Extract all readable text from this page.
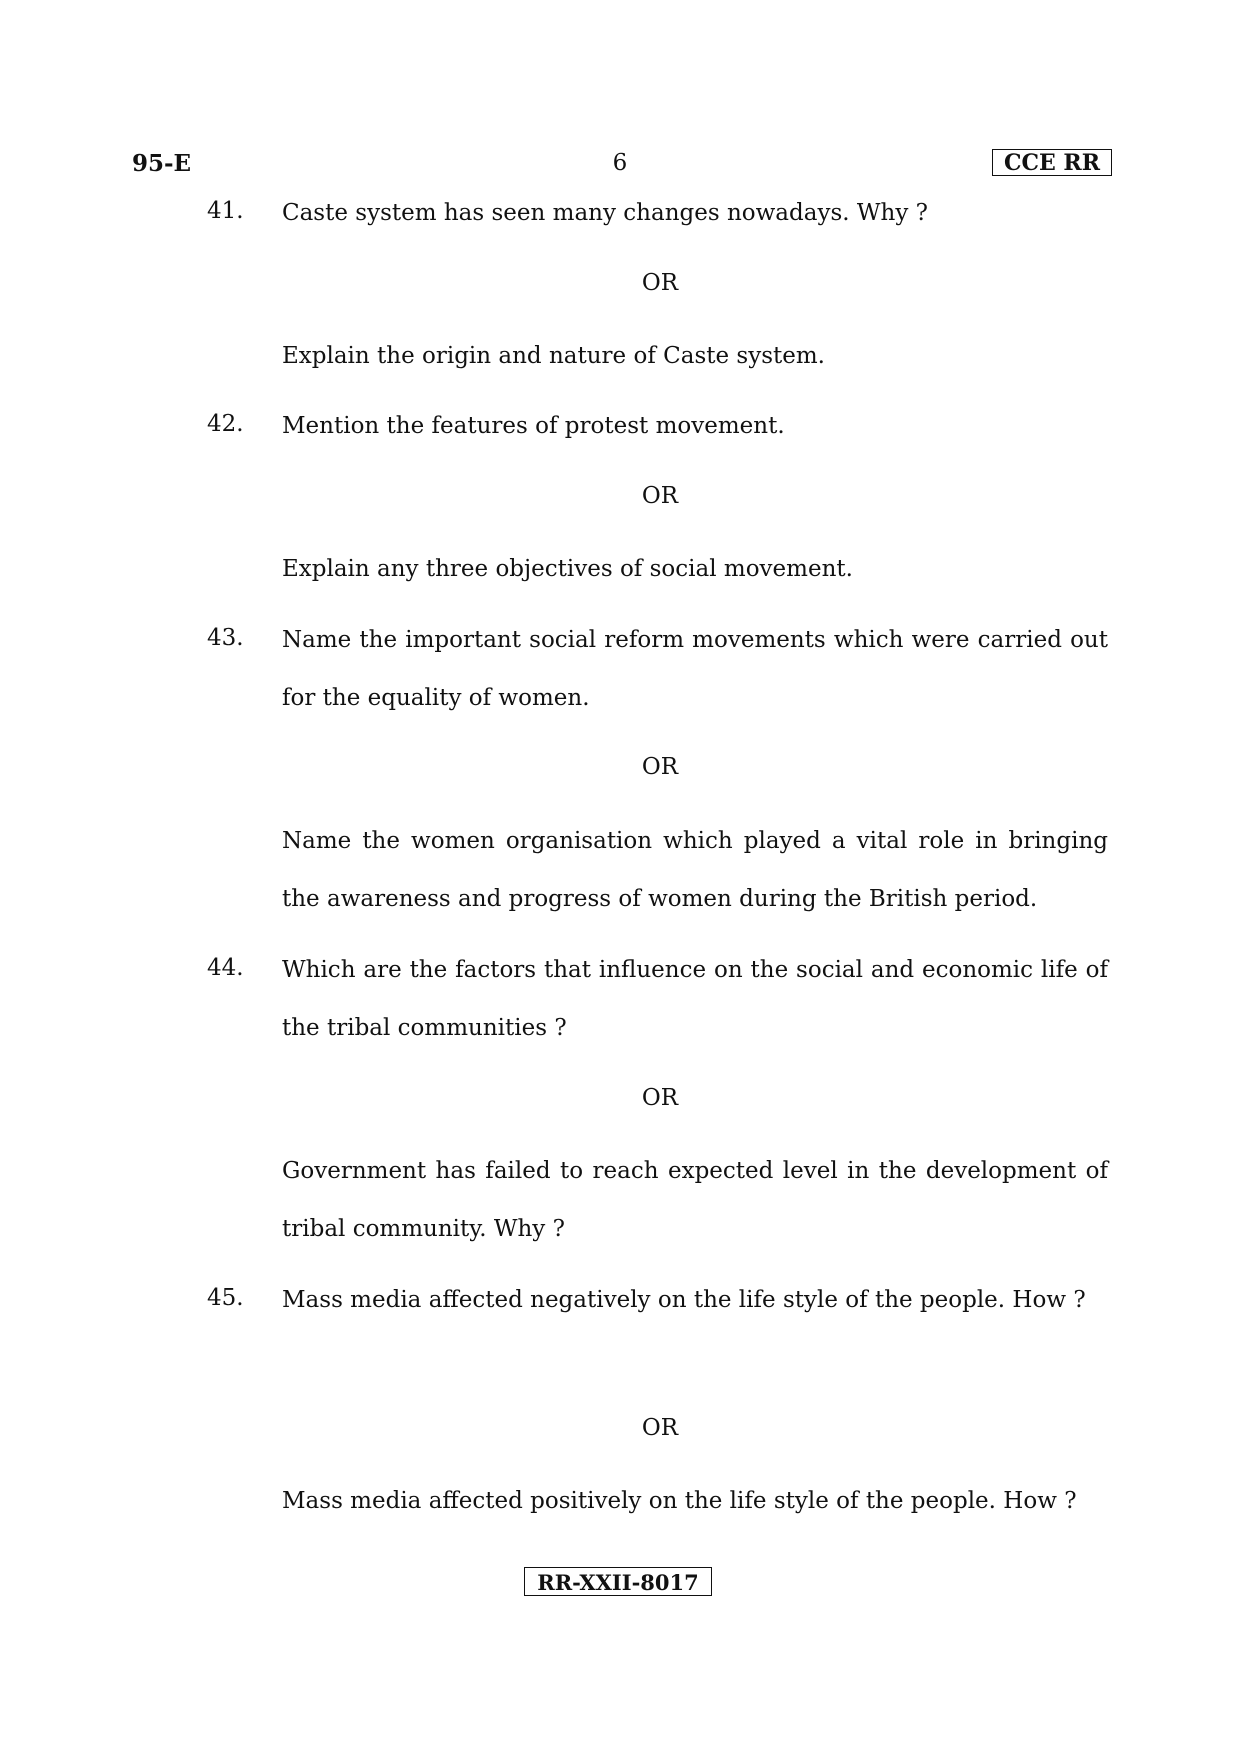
95-E	6	CCE RR
41. Caste system has seen many changes nowadays. Why ?
OR
Explain the origin and nature of Caste system.
42. Mention the features of protest movement.
OR
Explain any three objectives of social movement.
43. Name the important social reform movements which were carried out for the equality of women.
OR
Name the women organisation which played a vital role in bringing the awareness and progress of women during the British period.
44. Which are the factors that influence on the social and economic life of the tribal communities ?
OR
Government has failed to reach expected level in the development of tribal community. Why ?
45. Mass media affected negatively on the life style of the people. How ?
OR
Mass media affected positively on the life style of the people. How ?
RR-XXII-8017
